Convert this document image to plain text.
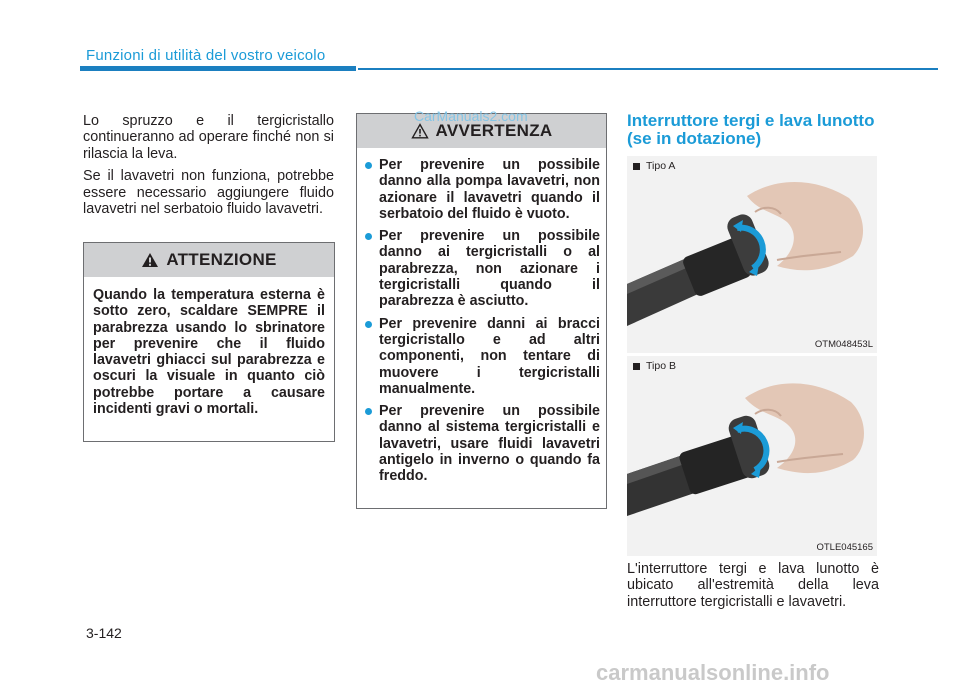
Funzioni di utilità del vostro veicolo

Lo spruzzo e il tergicristallo continueranno ad operare finché non si rilascia la leva.

Se il lavavetri non funziona, potrebbe essere necessario aggiungere fluido lavavetri nel serbatoio fluido lavavetri.

ATTENZIONE
Quando la temperatura esterna è sotto zero, scaldare SEMPRE il parabrezza usando lo sbrinatore per prevenire che il fluido lavavetri ghiacci sul parabrezza e oscuri la visuale in quanto ciò potrebbe portare a causare incidenti gravi o mortali.
AVVERTENZA
Per prevenire un possibile danno alla pompa lavavetri, non azionare il lavavetri quando il serbatoio del fluido è vuoto.
Per prevenire un possibile danno ai tergicristalli o al parabrezza, non azionare i tergicristalli quando il parabrezza è asciutto.
Per prevenire danni ai bracci tergicristallo e ad altri componenti, non tentare di muovere i tergicristalli manualmente.
Per prevenire un possibile danno al sistema tergicristalli e lavavetri, usare fluidi lavavetri antigelo in inverno o quando fa freddo.
Interruttore tergi e lava lunotto
(se in dotazione)
Tipo A
OTM048453L
Tipo B
OTLE045165

L'interruttore tergi e lava lunotto è ubicato all'estremità della leva interruttore tergicristalli e lavavetri.

3-142
CarManuals2.com
carmanualsonline.info
